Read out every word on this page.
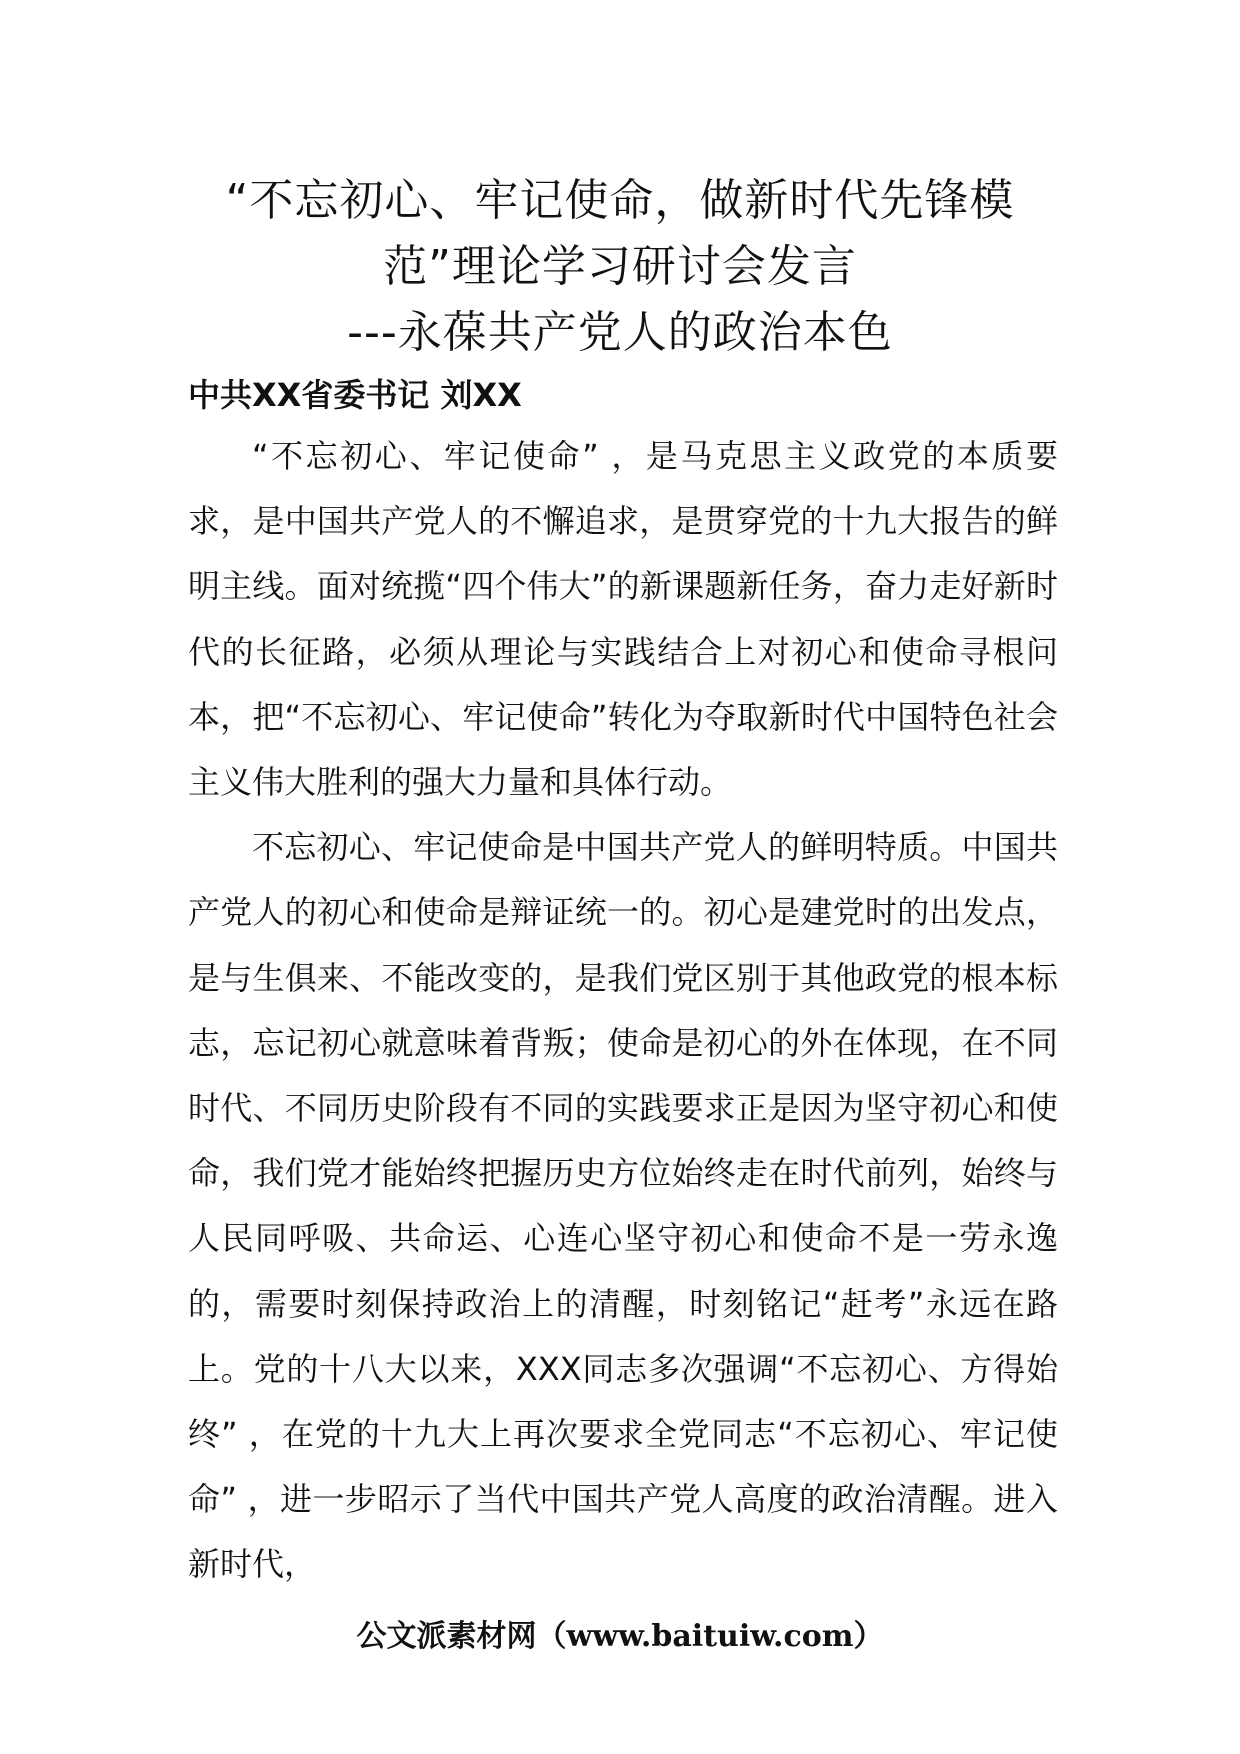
“不忘初心、牢记使命，做新时代先锋模
范”理论学习研讨会发言
---永葆共产党人的政治本色
中共XX省委书记 刘XX

“不忘初心、牢记使命” ，是马克思主义政党的本质要求，是中国共产党人的不懈追求，是贯穿党的十九大报告的鲜明主线。面对统揽“四个伟大”的新课题新任务，奋力走好新时代的长征路，必须从理论与实践结合上对初心和使命寻根问本，把“不忘初心、牢记使命”转化为夺取新时代中国特色社会主义伟大胜利的强大力量和具体行动。

不忘初心、牢记使命是中国共产党人的鲜明特质。中国共产党人的初心和使命是辩证统一的。初心是建党时的出发点，是与生俱来、不能改变的，是我们党区别于其他政党的根本标志，忘记初心就意味着背叛；使命是初心的外在体现，在不同时代、不同历史阶段有不同的实践要求正是因为坚守初心和使命，我们党才能始终把握历史方位始终走在时代前列，始终与人民同呼吸、共命运、心连心坚守初心和使命不是一劳永逸的，需要时刻保持政治上的清醒，时刻铭记“赶考”永远在路上。党的十八大以来，XXX同志多次强调“不忘初心、方得始终” ，在党的十九大上再次要求全党同志“不忘初心、牢记使命” ，进一步昭示了当代中国共产党人高度的政治清醒。进入新时代，

公文派素材网（www.baituiw.com）
